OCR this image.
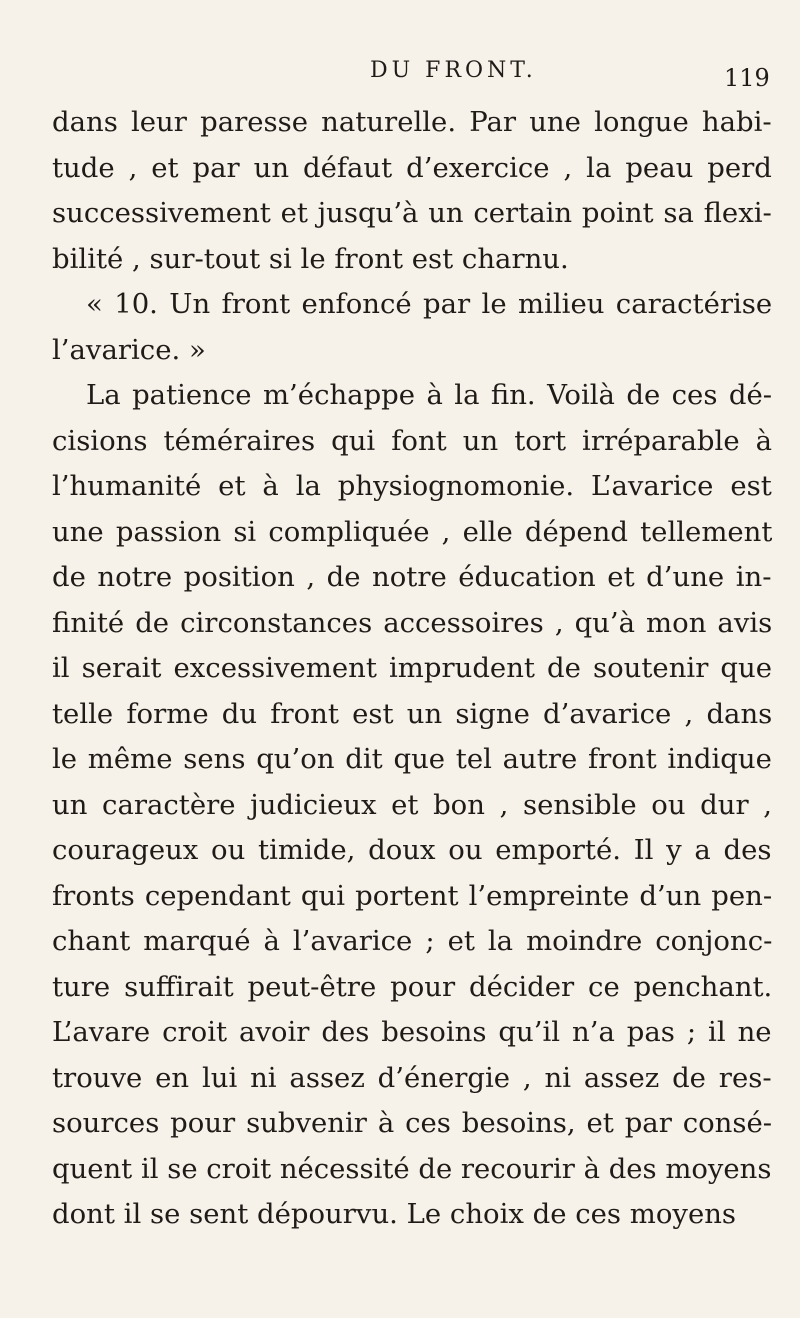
DU FRONT.	119
dans leur paresse naturelle. Par une longue habi-
tude , et par un défaut d’exercice , la peau perd
successivement et jusqu’à un certain point sa flexi-
bilité , sur-tout si le front est charnu.
« 10. Un front enfoncé par le milieu caractérise
l’avarice. »
La patience m’échappe à la fin. Voilà de ces dé-
cisions téméraires qui font un tort irréparable à
l’humanité et à la physiognomonie. L’avarice est
une passion si compliquée , elle dépend tellement
de notre position , de notre éducation et d’une in-
finité de circonstances accessoires , qu’à mon avis
il serait excessivement imprudent de soutenir que
telle forme du front est un signe d’avarice , dans
le même sens qu’on dit que tel autre front indique
un caractère judicieux et bon , sensible ou dur ,
courageux ou timide, doux ou emporté. Il y a des
fronts cependant qui portent l’empreinte d’un pen-
chant marqué à l’avarice ; et la moindre conjonc-
ture suffirait peut-être pour décider ce penchant.
L’avare croit avoir des besoins qu’il n’a pas ; il ne
trouve en lui ni assez d’énergie , ni assez de res-
sources pour subvenir à ces besoins, et par consé-
quent il se croit nécessité de recourir à des moyens
dont il se sent dépourvu. Le choix de ces moyens
